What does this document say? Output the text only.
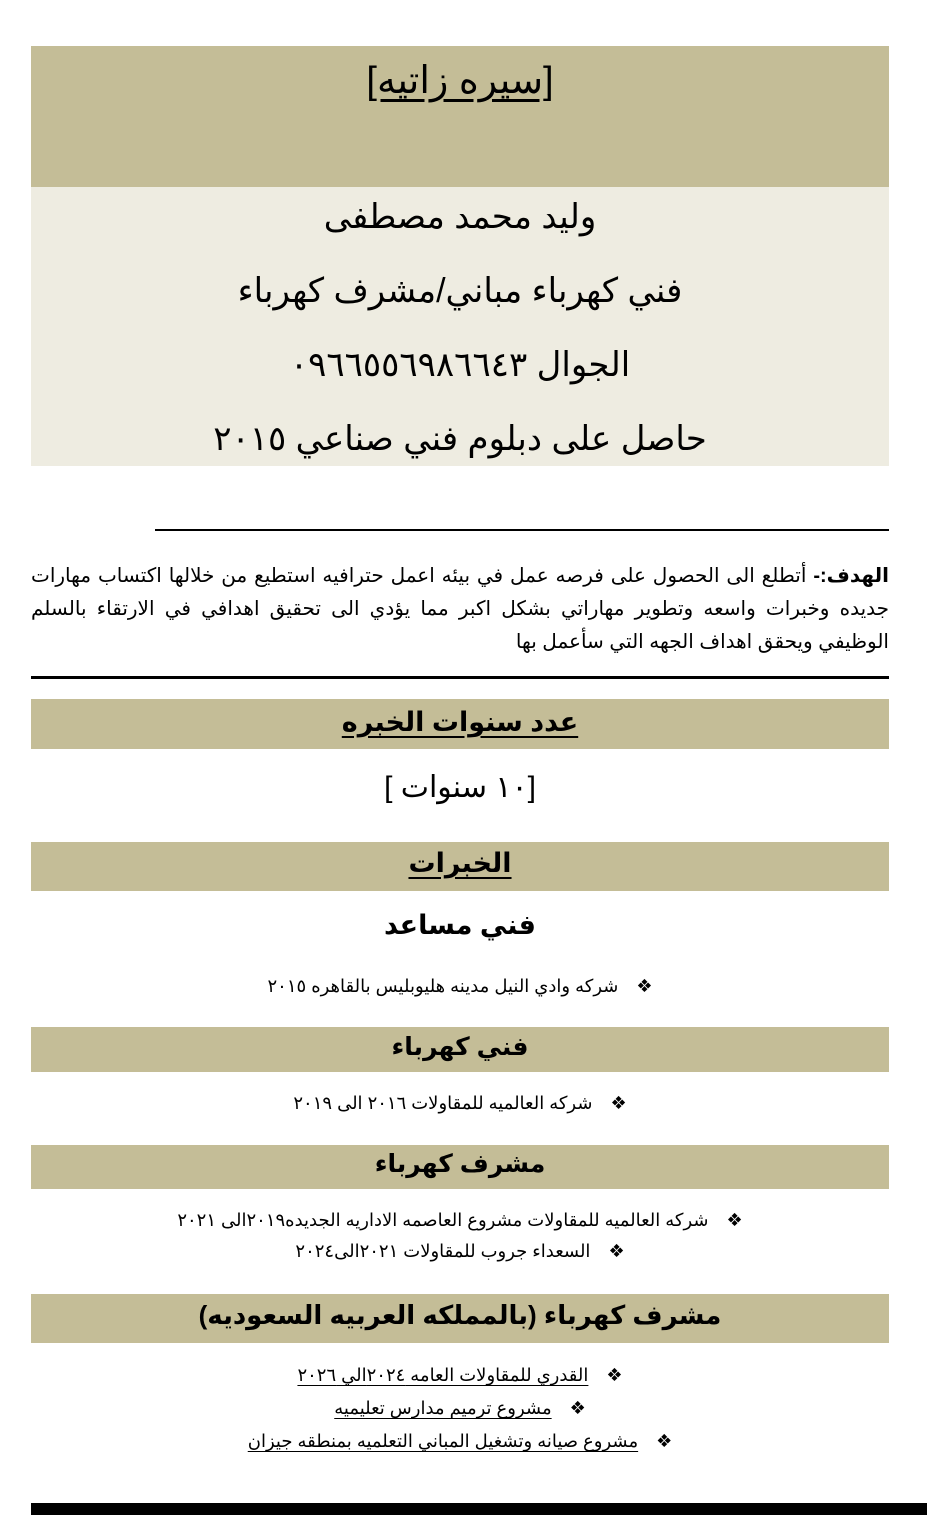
[سيره زاتيه]
وليد محمد مصطفى
فني كهرباء مباني/مشرف كهرباء
الجوال ٠٩٦٦٥٥٦٩٨٦٦٤٣
حاصل على دبلوم فني صناعي ٢٠١٥
الهدف:- أتطلع الى الحصول على فرصه عمل في بيئه اعمل حترافيه استطيع من خلالها اكتساب مهارات جديده وخبرات واسعه وتطوير مهاراتي بشكل اكبر مما يؤدي الى تحقيق اهدافي في الارتقاء بالسلم الوظيفي ويحقق اهداف الجهه التي سأعمل بها
عدد سنوات الخبره
[١٠ سنوات ]
الخبرات
فني مساعد
❖شركه وادي النيل مدينه هليوبليس بالقاهره ٢٠١٥
فني كهرباء
❖شركه العالميه للمقاولات ٢٠١٦ الى ٢٠١٩
مشرف كهرباء
❖شركه العالميه للمقاولات مشروع العاصمه الاداريه الجديده٢٠١٩الى ٢٠٢١
❖السعداء جروب للمقاولات ٢٠٢١الى٢٠٢٤
مشرف كهرباء (بالمملكه العربيه السعوديه)
❖القدري للمقاولات العامه ٢٠٢٤الي ٢٠٢٦
❖مشروع ترميم مدارس تعليميه
❖مشروع صيانه وتشغيل المباني التعلميه بمنطقه جيزان
